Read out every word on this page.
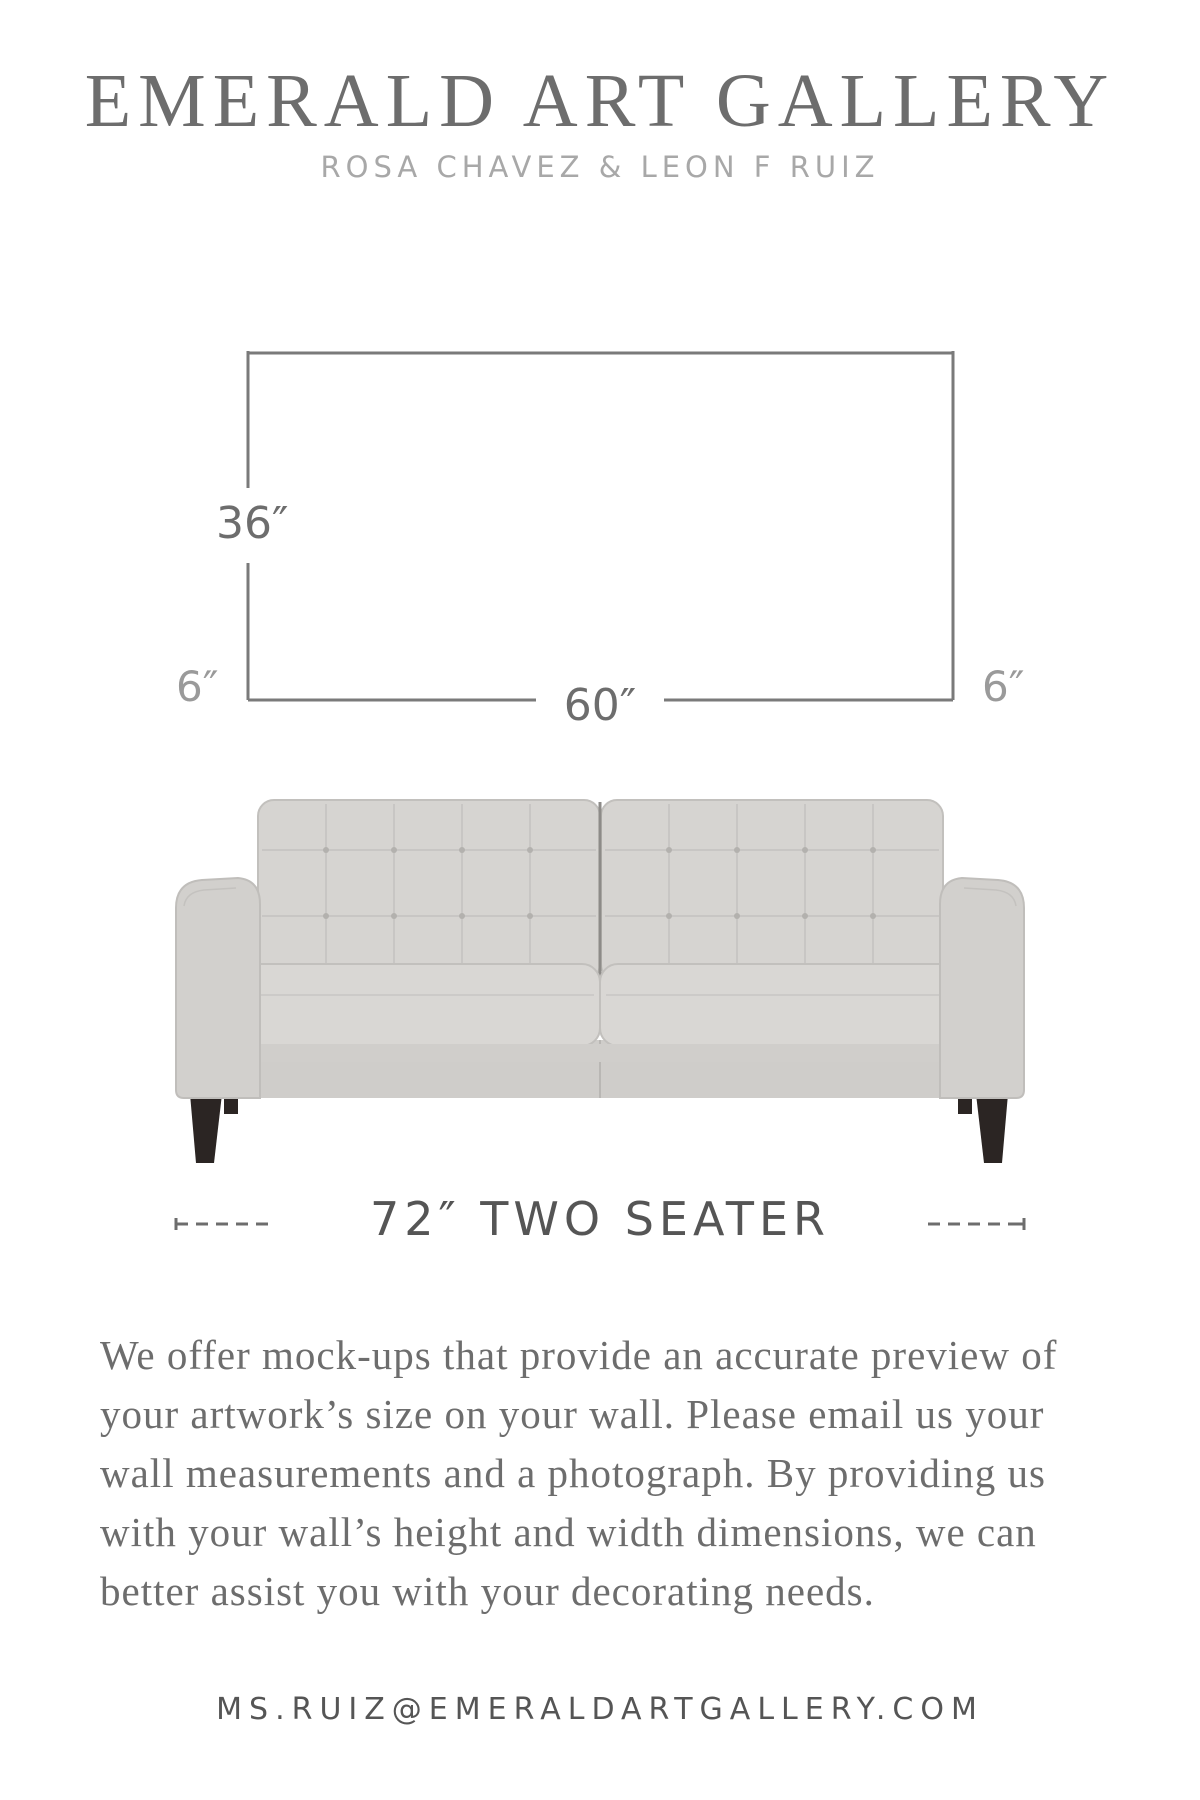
EMERALD ART GALLERY
ROSA CHAVEZ & LEON F RUIZ
36″
60″
6″	6″
72″ TWO SEATER

We offer mock-ups that provide an accurate preview of your artwork’s size on your wall. Please email us your wall measurements and a photograph. By providing us with your wall’s height and width dimensions, we can better assist you with your decorating needs.

MS.RUIZ@EMERALDARTGALLERY.COM
